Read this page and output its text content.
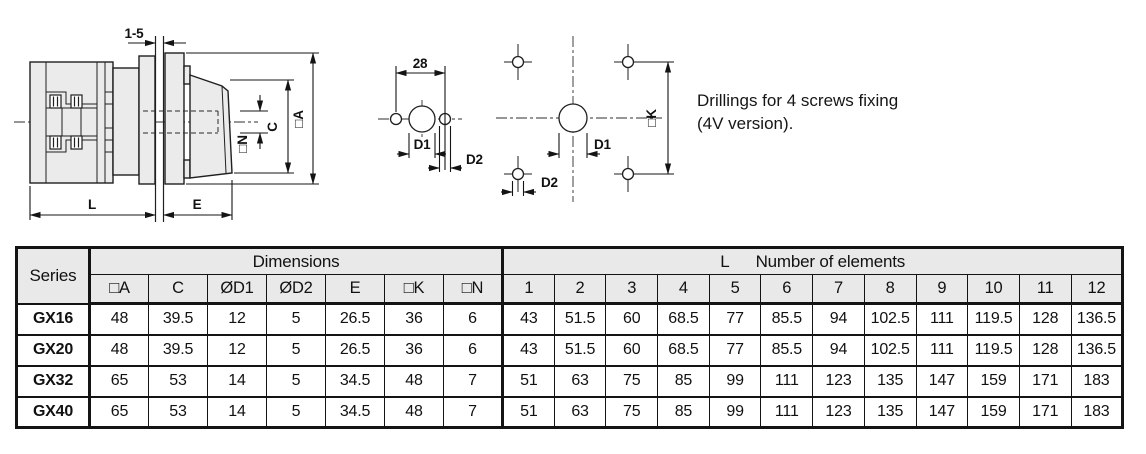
1-5
L	E
□N
C □A
28
D1
D2
D1
D2
□K
Drillings for 4 screws fixing
(4V version).
Series	Dimensions							L Number of elements											
	□A	C	ØD1	ØD2	E	□K	□N	1	2	3	4	5	6	7	8	9	10	11	12
GX16	48	39.5	12	5	26.5	36	6	43	51.5	60	68.5	77	85.5	94	102.5	111	119.5	128	136.5
GX20	48	39.5	12	5	26.5	36	6	43	51.5	60	68.5	77	85.5	94	102.5	111	119.5	128	136.5
GX32	65	53	14	5	34.5	48	7	51	63	75	85	99	111	123	135	147	159	171	183
GX40	65	53	14	5	34.5	48	7	51	63	75	85	99	111	123	135	147	159	171	183
